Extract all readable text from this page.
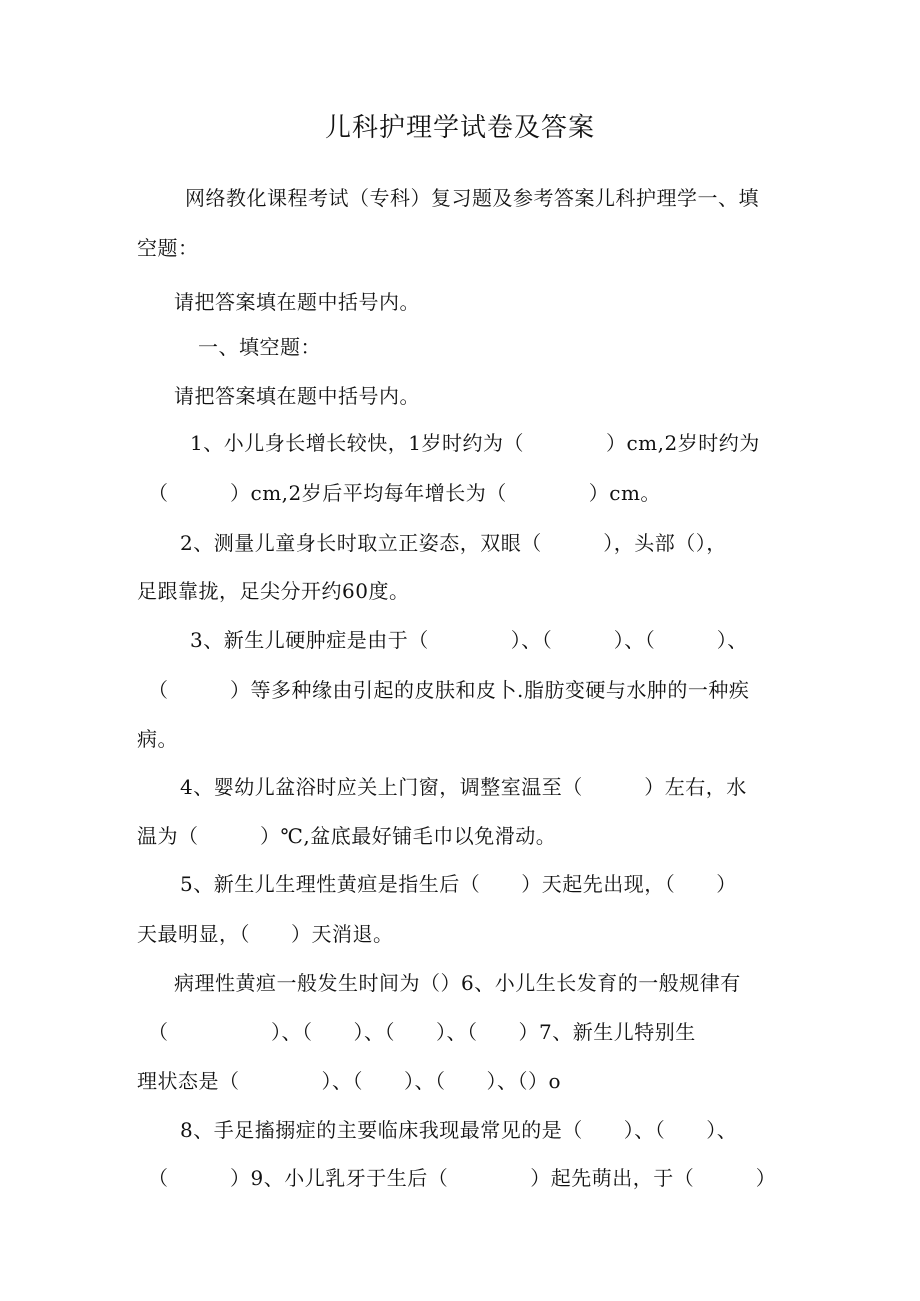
儿科护理学试卷及答案
网络教化课程考试（专科）复习题及参考答案儿科护理学一、填
空题：
请把答案填在题中括号内。
一、填空题：
请把答案填在题中括号内。
1、小儿身长增长较快，1岁时约为（　　　　）cm,2岁时约为
（　　　）cm,2岁后平均每年增长为（　　　　）cm。
2、测量儿童身长时取立正姿态，双眼（　　　），头部（），
足跟靠拢，足尖分开约60度。
3、新生儿硬肿症是由于（　　　　）、（　　　）、（　　　）、
（　　　）等多种缘由引起的皮肤和皮卜.脂肪变硬与水肿的一种疾
病。
4、婴幼儿盆浴时应关上门窗，调整室温至（　　　）左右，水
温为（　　　）℃,盆底最好铺毛巾以免滑动。
5、新生儿生理性黄疸是指生后（　　）天起先出现，（　　）
天最明显，（　　）天消退。
病理性黄疸一般发生时间为（）6、小儿生长发育的一般规律有
（　　　　　）、（　　）、（　　）、（　　）7、新生儿特别生
理状态是（　　　　）、（　　）、（　　）、（）o
8、手足搐搦症的主要临床我现最常见的是（　　）、（　　）、
（　　　）9、小儿乳牙于生后（　　　　）起先萌出，于（　　　）
